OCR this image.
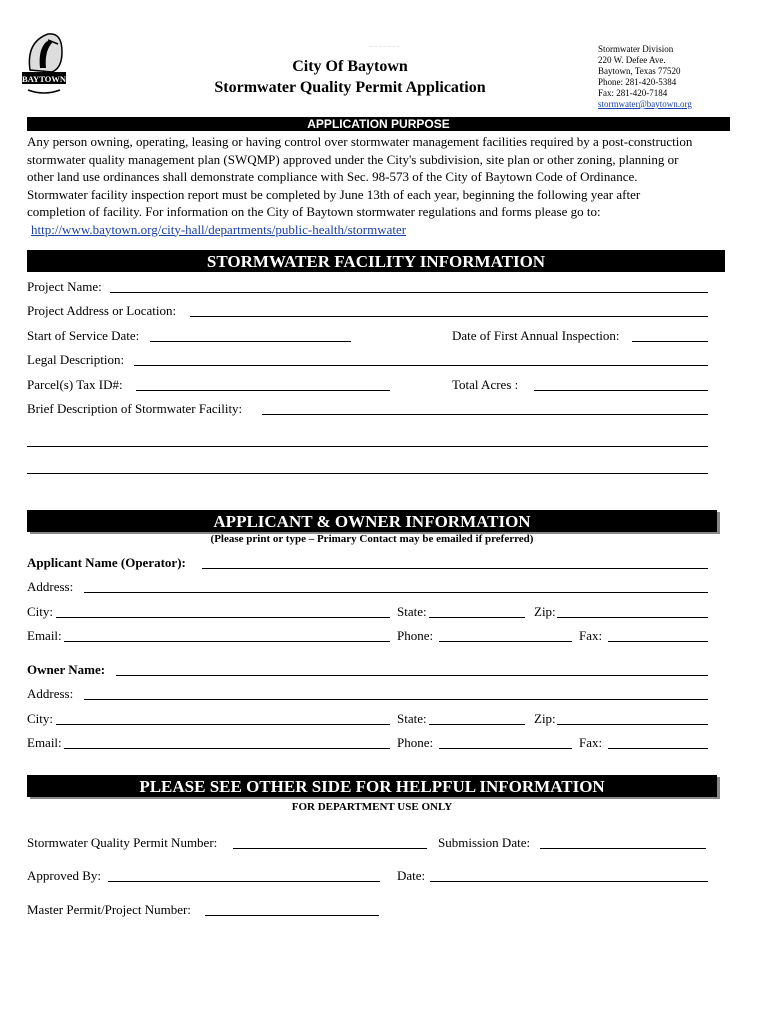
BAYTOWN
_ _ _ _ _ _ _
City Of Baytown
Stormwater Quality Permit Application
Stormwater Division
220 W. Defee Ave.
Baytown, Texas 77520
Phone: 281-420-5384
Fax: 281-420-7184
stormwater@baytown.org
APPLICATION PURPOSE
Any person owning, operating, leasing or having control over stormwater management facilities required by a post-construction
stormwater quality management plan (SWQMP) approved under the City's subdivision, site plan or other zoning, planning or
other land use ordinances shall demonstrate compliance with Sec. 98-573 of the City of Baytown Code of Ordinance.
Stormwater facility inspection report must be completed by June 13th of each year, beginning the following year after
completion of facility. For information on the City of Baytown stormwater regulations and forms please go to:
http://www.baytown.org/city-hall/departments/public-health/stormwater
STORMWATER FACILITY INFORMATION
Project Name:
Project Address or Location:
Start of Service Date:	Date of First Annual Inspection:
Legal Description:
Parcel(s) Tax ID#:	Total Acres :
Brief Description of Stormwater Facility:
APPLICANT & OWNER INFORMATION
(Please print or type – Primary Contact may be emailed if preferred)
Applicant Name (Operator):
Address:
City:	State:	Zip:
Email:	Phone:	Fax:
Owner Name:
Address:
City:	State:	Zip:
Email:	Phone:	Fax:
PLEASE SEE OTHER SIDE FOR HELPFUL INFORMATION
FOR DEPARTMENT USE ONLY
Stormwater Quality Permit Number:	Submission Date:
Approved By:	Date:
Master Permit/Project Number:
